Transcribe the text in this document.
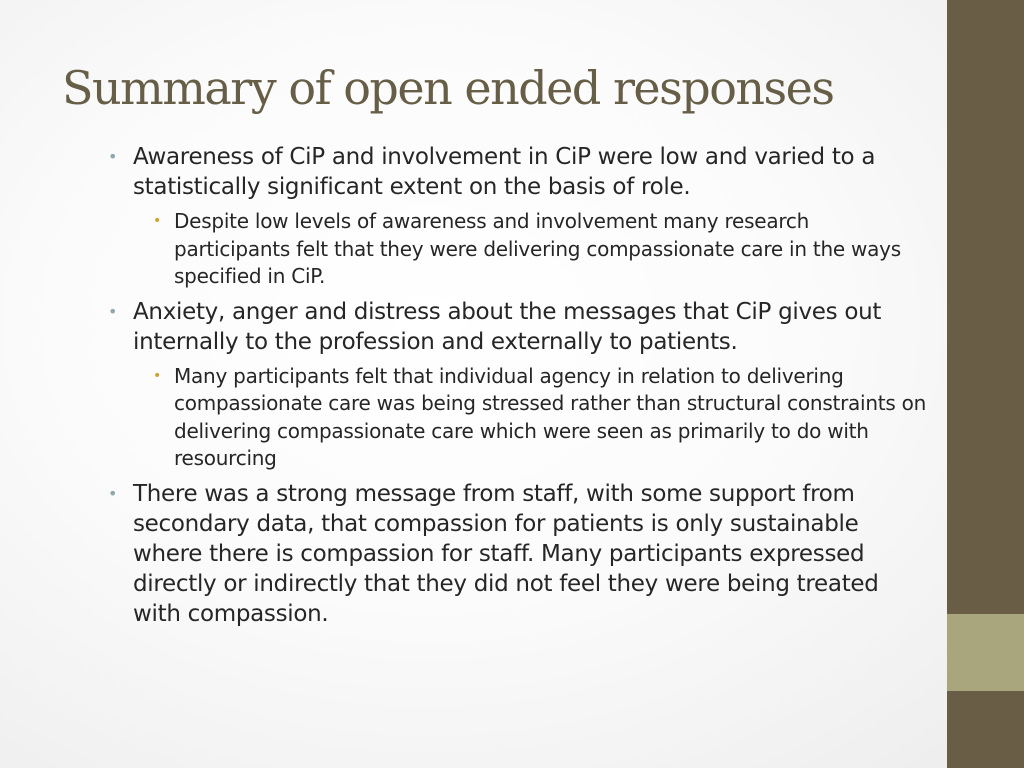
Summary of open ended responses
• Awareness of CiP and involvement in CiP were low and varied to a statistically significant extent on the basis of role.
• Despite low levels of awareness and involvement many research participants felt that they were delivering compassionate care in the ways specified in CiP.
• Anxiety, anger and distress about the messages that CiP gives out internally to the profession and externally to patients.
• Many participants felt that individual agency in relation to delivering compassionate care was being stressed rather than structural constraints on delivering compassionate care which were seen as primarily to do with resourcing
• There was a strong message from staff, with some support from secondary data, that compassion for patients is only sustainable where there is compassion for staff. Many participants expressed directly or indirectly that they did not feel they were being treated with compassion.
